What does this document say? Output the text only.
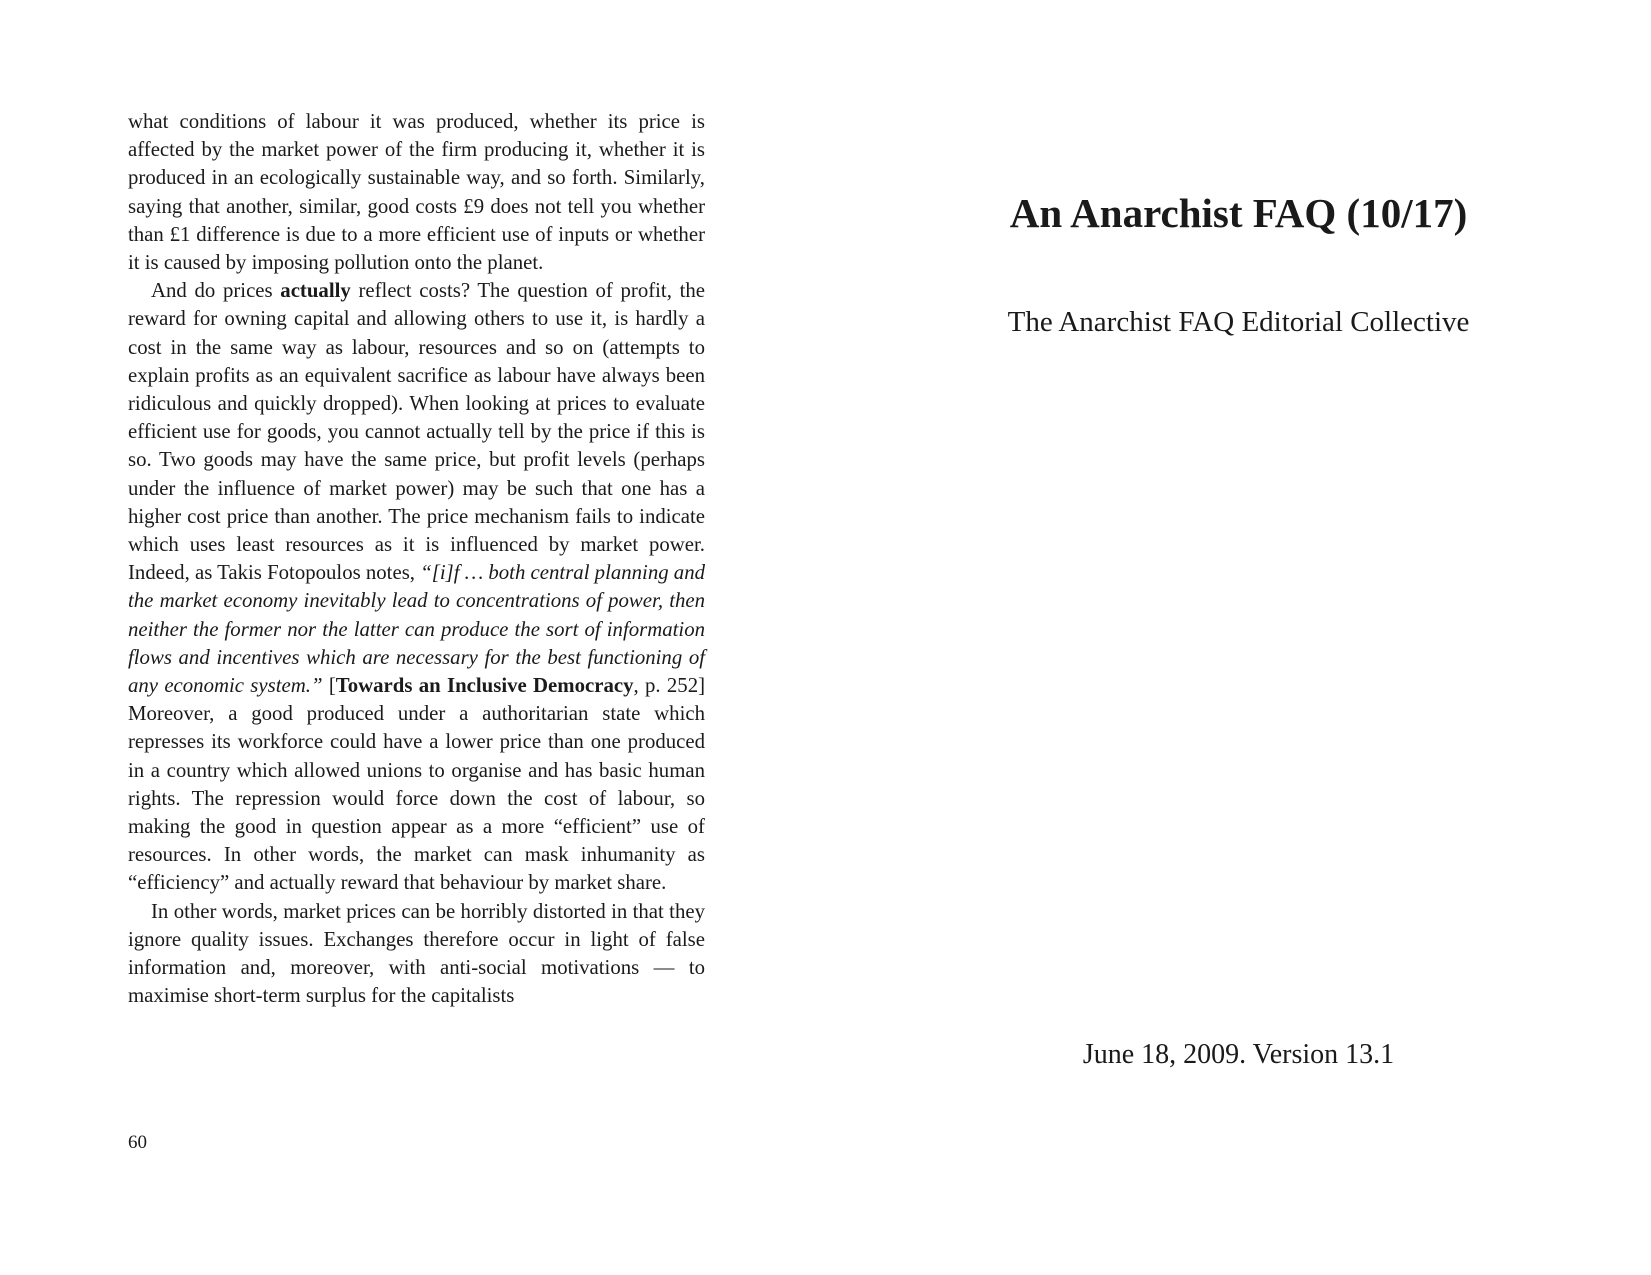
what conditions of labour it was produced, whether its price is affected by the market power of the firm producing it, whether it is produced in an ecologically sustainable way, and so forth. Similarly, saying that another, similar, good costs £9 does not tell you whether than £1 difference is due to a more efficient use of inputs or whether it is caused by imposing pollution onto the planet.

And do prices actually reflect costs? The question of profit, the reward for owning capital and allowing others to use it, is hardly a cost in the same way as labour, resources and so on (attempts to explain profits as an equivalent sacrifice as labour have always been ridiculous and quickly dropped). When looking at prices to evaluate efficient use for goods, you cannot actually tell by the price if this is so. Two goods may have the same price, but profit levels (perhaps under the influence of market power) may be such that one has a higher cost price than another. The price mechanism fails to indicate which uses least resources as it is influenced by market power. Indeed, as Takis Fotopoulos notes, “[i]f … both central planning and the market economy inevitably lead to concentrations of power, then neither the former nor the latter can produce the sort of information flows and incentives which are necessary for the best functioning of any economic system.” [Towards an Inclusive Democracy, p. 252] Moreover, a good produced under a authoritarian state which represses its workforce could have a lower price than one produced in a country which allowed unions to organise and has basic human rights. The repression would force down the cost of labour, so making the good in question appear as a more “efficient” use of resources. In other words, the market can mask inhumanity as “efficiency” and actually reward that behaviour by market share.

In other words, market prices can be horribly distorted in that they ignore quality issues. Exchanges therefore occur in light of false information and, moreover, with anti-social motivations — to maximise short-term surplus for the capitalists

60
An Anarchist FAQ (10/17)
The Anarchist FAQ Editorial Collective
June 18, 2009. Version 13.1
